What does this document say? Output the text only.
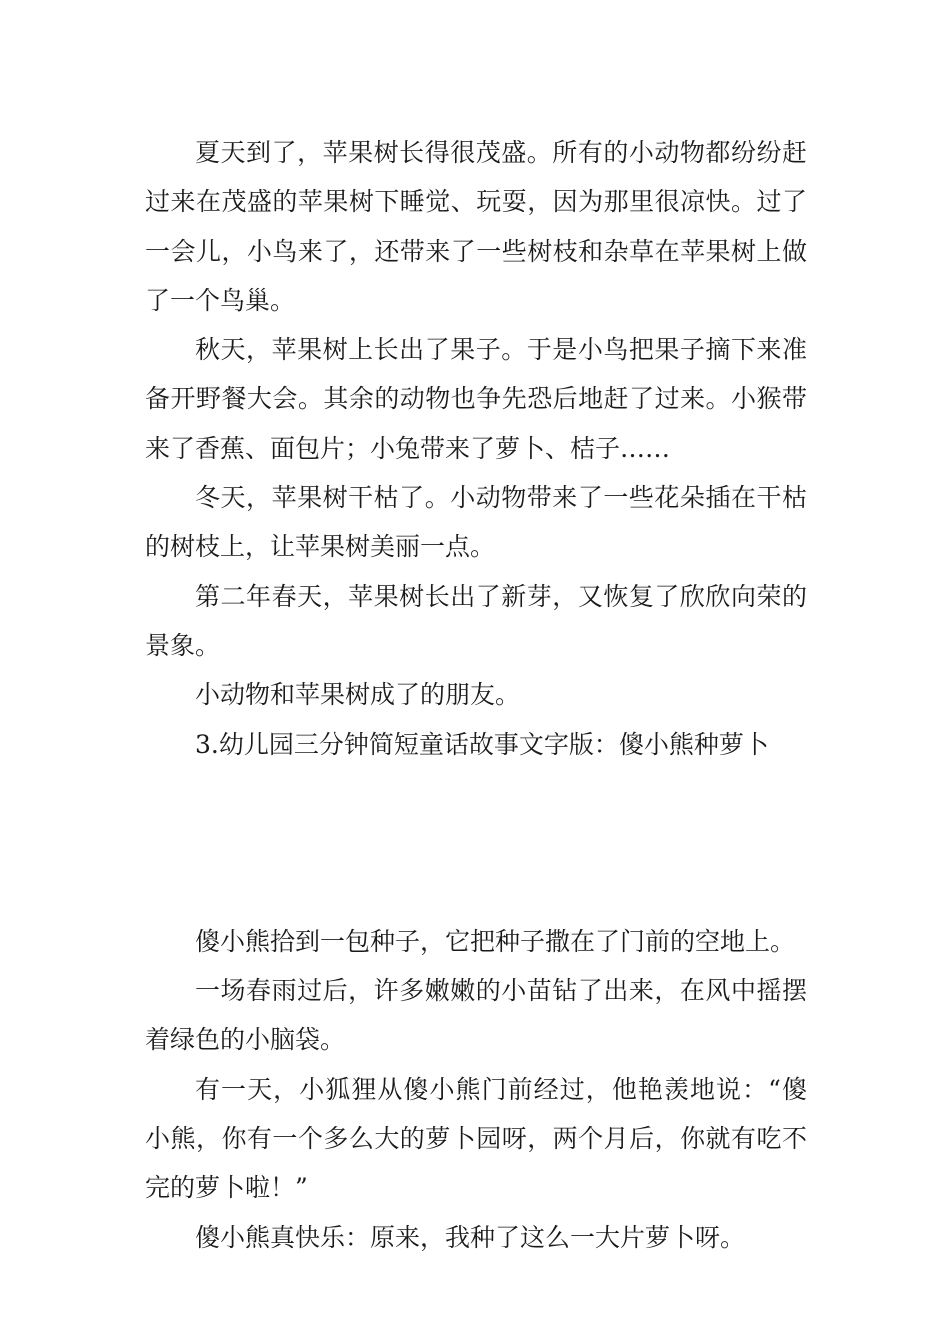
夏天到了，苹果树长得很茂盛。所有的小动物都纷纷赶过来在茂盛的苹果树下睡觉、玩耍，因为那里很凉快。过了一会儿，小鸟来了，还带来了一些树枝和杂草在苹果树上做了一个鸟巢。

秋天，苹果树上长出了果子。于是小鸟把果子摘下来准备开野餐大会。其余的动物也争先恐后地赶了过来。小猴带来了香蕉、面包片；小兔带来了萝卜、桔子……

冬天，苹果树干枯了。小动物带来了一些花朵插在干枯的树枝上，让苹果树美丽一点。

第二年春天，苹果树长出了新芽，又恢复了欣欣向荣的景象。

小动物和苹果树成了的朋友。

3.幼儿园三分钟简短童话故事文字版：傻小熊种萝卜

傻小熊拾到一包种子，它把种子撒在了门前的空地上。

一场春雨过后，许多嫩嫩的小苗钻了出来，在风中摇摆着绿色的小脑袋。

有一天，小狐狸从傻小熊门前经过，他艳羡地说：“傻小熊，你有一个多么大的萝卜园呀，两个月后，你就有吃不完的萝卜啦！”

傻小熊真快乐：原来，我种了这么一大片萝卜呀。
